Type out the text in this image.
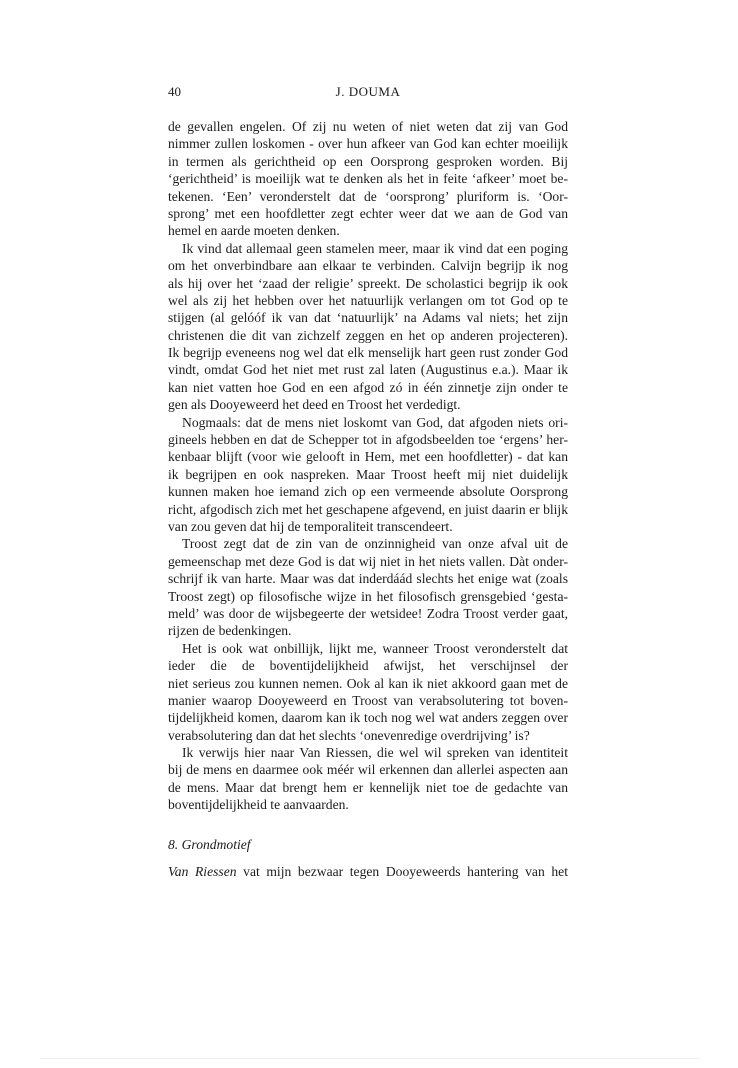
40	J. DOUMA
de gevallen engelen. Of zij nu weten of niet weten dat zij van God
nimmer zullen loskomen - over hun afkeer van God kan echter moeilijk
in termen als gerichtheid op een Oorsprong gesproken worden. Bij
‘gerichtheid’ is moeilijk wat te denken als het in feite ‘afkeer’ moet be-
tekenen. ‘Een’ veronderstelt dat de ‘oorsprong’ pluriform is. ‘Oor-
sprong’ met een hoofdletter zegt echter weer dat we aan de God van
hemel en aarde moeten denken.
Ik vind dat allemaal geen stamelen meer, maar ik vind dat een poging
om het onverbindbare aan elkaar te verbinden. Calvijn begrijp ik nog
als hij over het ‘zaad der religie’ spreekt. De scholastici begrijp ik ook
wel als zij het hebben over het natuurlijk verlangen om tot God op te
stijgen (al gelóóf ik van dat ‘natuurlijk’ na Adams val niets; het zijn
christenen die dit van zichzelf zeggen en het op anderen projecteren).
Ik begrijp eveneens nog wel dat elk menselijk hart geen rust zonder God
vindt, omdat God het niet met rust zal laten (Augustinus e.a.). Maar ik
kan niet vatten hoe God en een afgod zó in één zinnetje zijn onder te
gen als Dooyeweerd het deed en Troost het verdedigt.
Nogmaals: dat de mens niet loskomt van God, dat afgoden niets ori-
gineels hebben en dat de Schepper tot in afgodsbeelden toe ‘ergens’ her-
kenbaar blijft (voor wie gelooft in Hem, met een hoofdletter) - dat kan
ik begrijpen en ook naspreken. Maar Troost heeft mij niet duidelijk
kunnen maken hoe iemand zich op een vermeende absolute Oorsprong
richt, afgodisch zich met het geschapene afgevend, en juist daarin er blijk
van zou geven dat hij de temporaliteit transcendeert.
Troost zegt dat de zin van de onzinnigheid van onze afval uit de
gemeenschap met deze God is dat wij niet in het niets vallen. Dàt onder-
schrijf ik van harte. Maar was dat inderdáád slechts het enige wat (zoals
Troost zegt) op filosofische wijze in het filosofisch grensgebied ‘gesta-
meld’ was door de wijsbegeerte der wetsidee! Zodra Troost verder gaat,
rijzen de bedenkingen.
Het is ook wat onbillijk, lijkt me, wanneer Troost veronderstelt dat
ieder die de boventijdelijkheid afwijst, het verschijnsel der
niet serieus zou kunnen nemen. Ook al kan ik niet akkoord gaan met de
manier waarop Dooyeweerd en Troost van verabsolutering tot boven-
tijdelijkheid komen, daarom kan ik toch nog wel wat anders zeggen over
verabsolutering dan dat het slechts ‘onevenredige overdrijving’ is?
Ik verwijs hier naar Van Riessen, die wel wil spreken van identiteit
bij de mens en daarmee ook méér wil erkennen dan allerlei aspecten aan
de mens. Maar dat brengt hem er kennelijk niet toe de gedachte van
boventijdelijkheid te aanvaarden.
8. Grondmotief
Van Riessen vat mijn bezwaar tegen Dooyeweerds hantering van het
